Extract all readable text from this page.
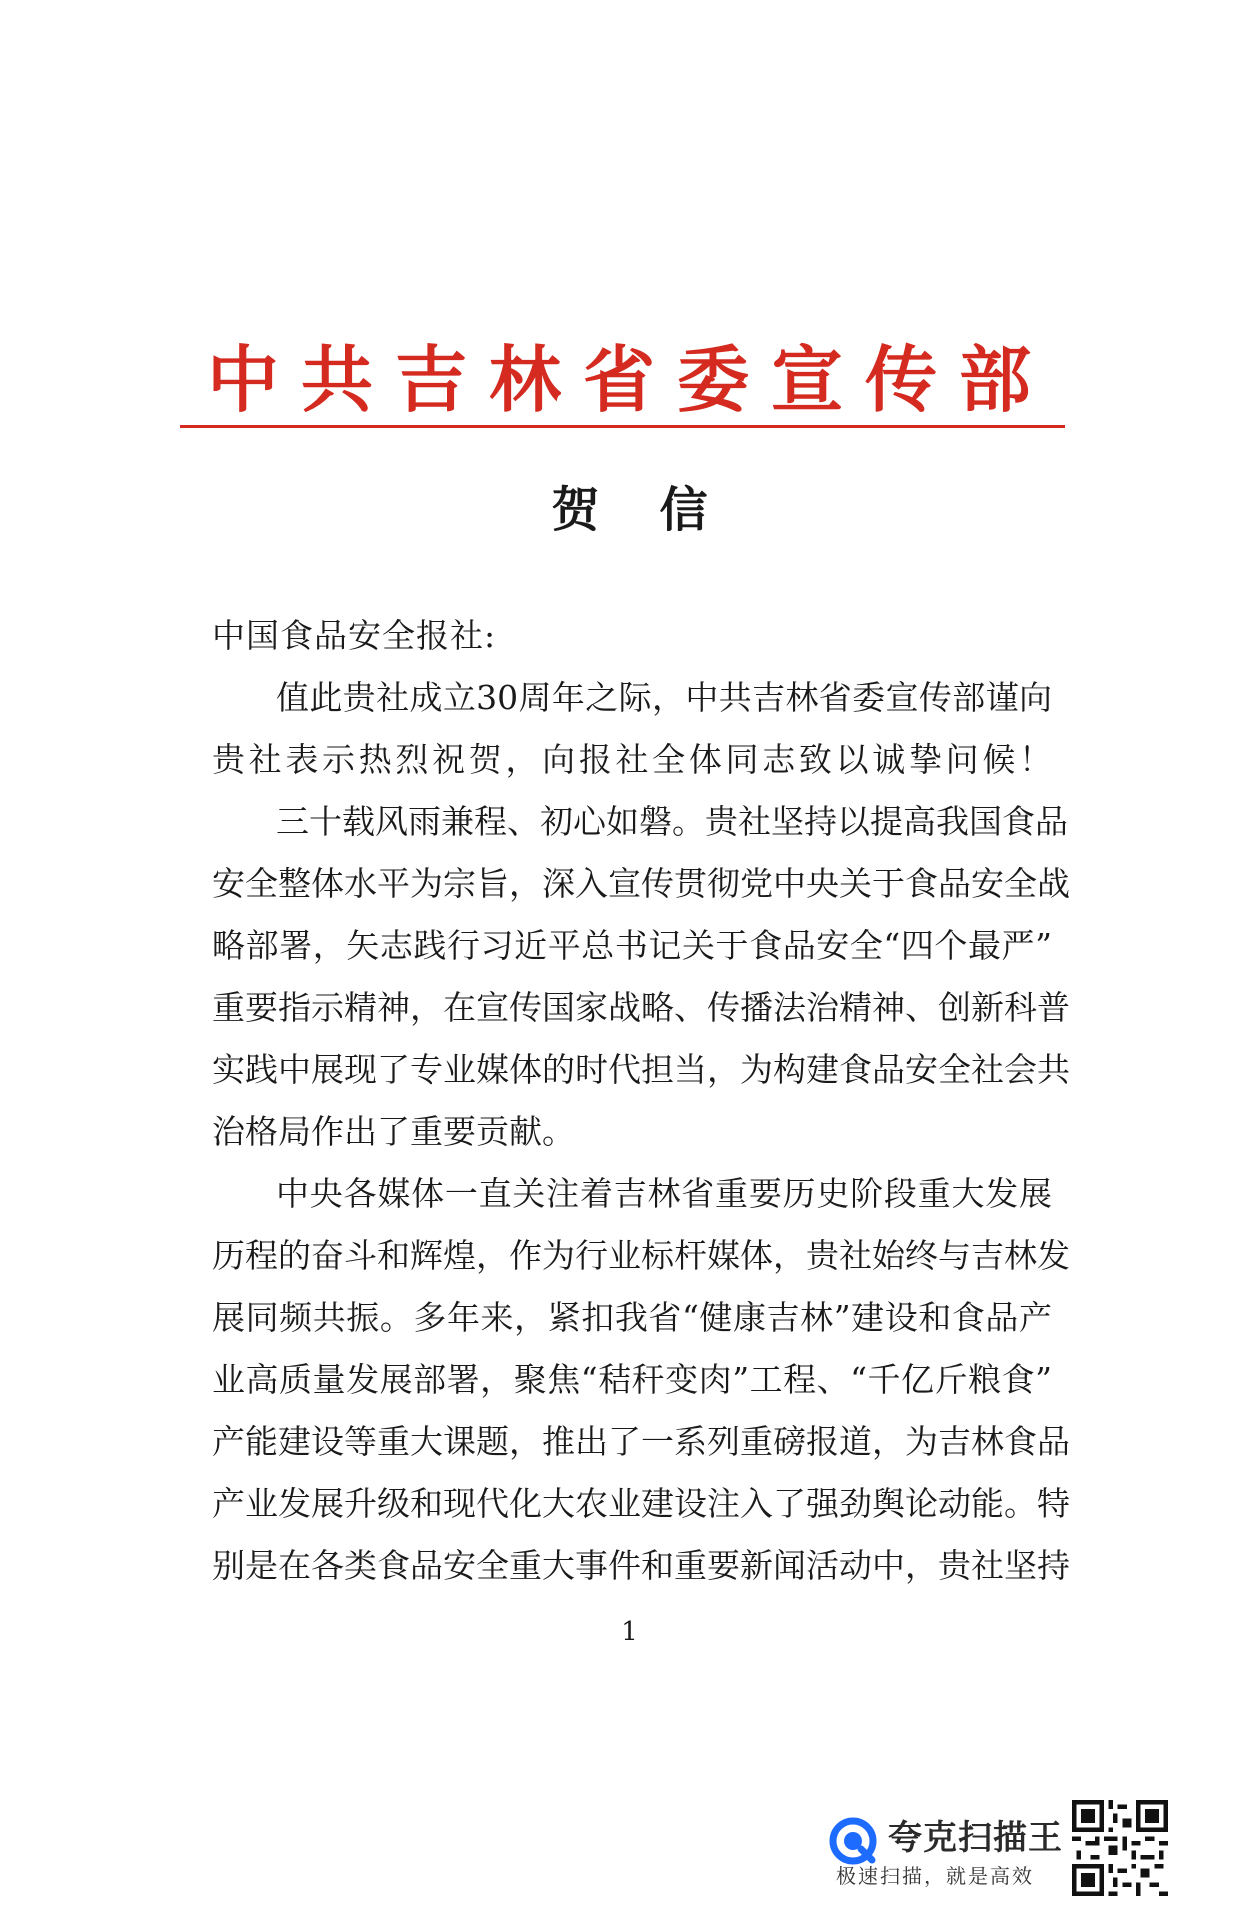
中共吉林省委宣传部
贺信
中国食品安全报社:
值此贵社成立30周年之际，中共吉林省委宣传部谨向
贵社表示热烈祝贺，向报社全体同志致以诚挚问候！
三十载风雨兼程、初心如磐。贵社坚持以提高我国食品
安全整体水平为宗旨，深入宣传贯彻党中央关于食品安全战
略部署，矢志践行习近平总书记关于食品安全“四个最严”
重要指示精神，在宣传国家战略、传播法治精神、创新科普
实践中展现了专业媒体的时代担当，为构建食品安全社会共
治格局作出了重要贡献。
中央各媒体一直关注着吉林省重要历史阶段重大发展
历程的奋斗和辉煌，作为行业标杆媒体，贵社始终与吉林发
展同频共振。多年来，紧扣我省“健康吉林”建设和食品产
业高质量发展部署，聚焦“秸秆变肉”工程、“千亿斤粮食”
产能建设等重大课题，推出了一系列重磅报道，为吉林食品
产业发展升级和现代化大农业建设注入了强劲舆论动能。特
别是在各类食品安全重大事件和重要新闻活动中，贵社坚持
1
夸克扫描王
极速扫描，就是高效
